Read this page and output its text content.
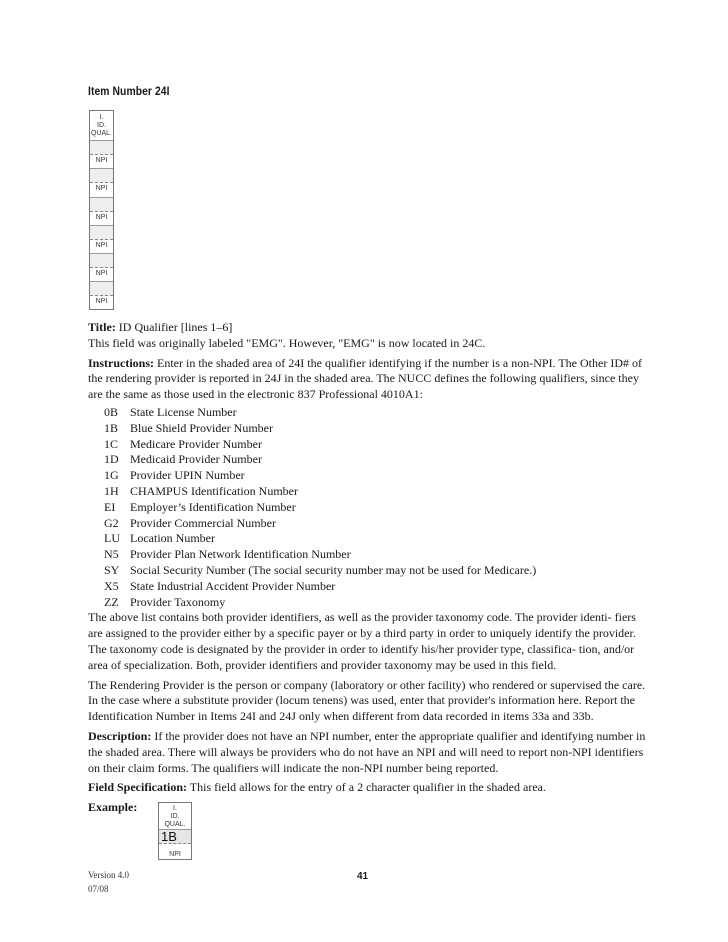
Item Number 24I
I.
ID.
QUAL.
NPI
NPI
NPI
NPI
NPI
NPI

Title: ID Qualifier [lines 1–6]

This field was originally labeled "EMG". However, "EMG" is now located in 24C.

Instructions: Enter in the shaded area of 24I the qualifier identifying if the number is a non-NPI. The Other ID# of the rendering provider is reported in 24J in the shaded area. The NUCC defines the following qualifiers, since they are the same as those used in the electronic 837 Professional 4010A1:

0B State License Number
1B Blue Shield Provider Number
1C Medicare Provider Number
1D Medicaid Provider Number
1G Provider UPIN Number
1H CHAMPUS Identification Number
EI Employer’s Identification Number
G2 Provider Commercial Number
LU Location Number
N5 Provider Plan Network Identification Number
SY Social Security Number (The social security number may not be used for Medicare.)
X5 State Industrial Accident Provider Number
ZZ Provider Taxonomy

The above list contains both provider identifiers, as well as the provider taxonomy code. The provider identi- fiers are assigned to the provider either by a specific payer or by a third party in order to uniquely identify the provider. The taxonomy code is designated by the provider in order to identify his/her provider type, classifica- tion, and/or area of specialization. Both, provider identifiers and provider taxonomy may be used in this field.

The Rendering Provider is the person or company (laboratory or other facility) who rendered or supervised the care. In the case where a substitute provider (locum tenens) was used, enter that provider's information here. Report the Identification Number in Items 24I and 24J only when different from data recorded in items 33a and 33b.

Description: If the provider does not have an NPI number, enter the appropriate qualifier and identifying number in the shaded area. There will always be providers who do not have an NPI and will need to report non-NPI identifiers on their claim forms. The qualifiers will indicate the non-NPI number being reported.

Field Specification: This field allows for the entry of a 2 character qualifier in the shaded area.

Example:	I.
ID.
QUAL.
1B
NPI
Version 4.0
07/08
41
